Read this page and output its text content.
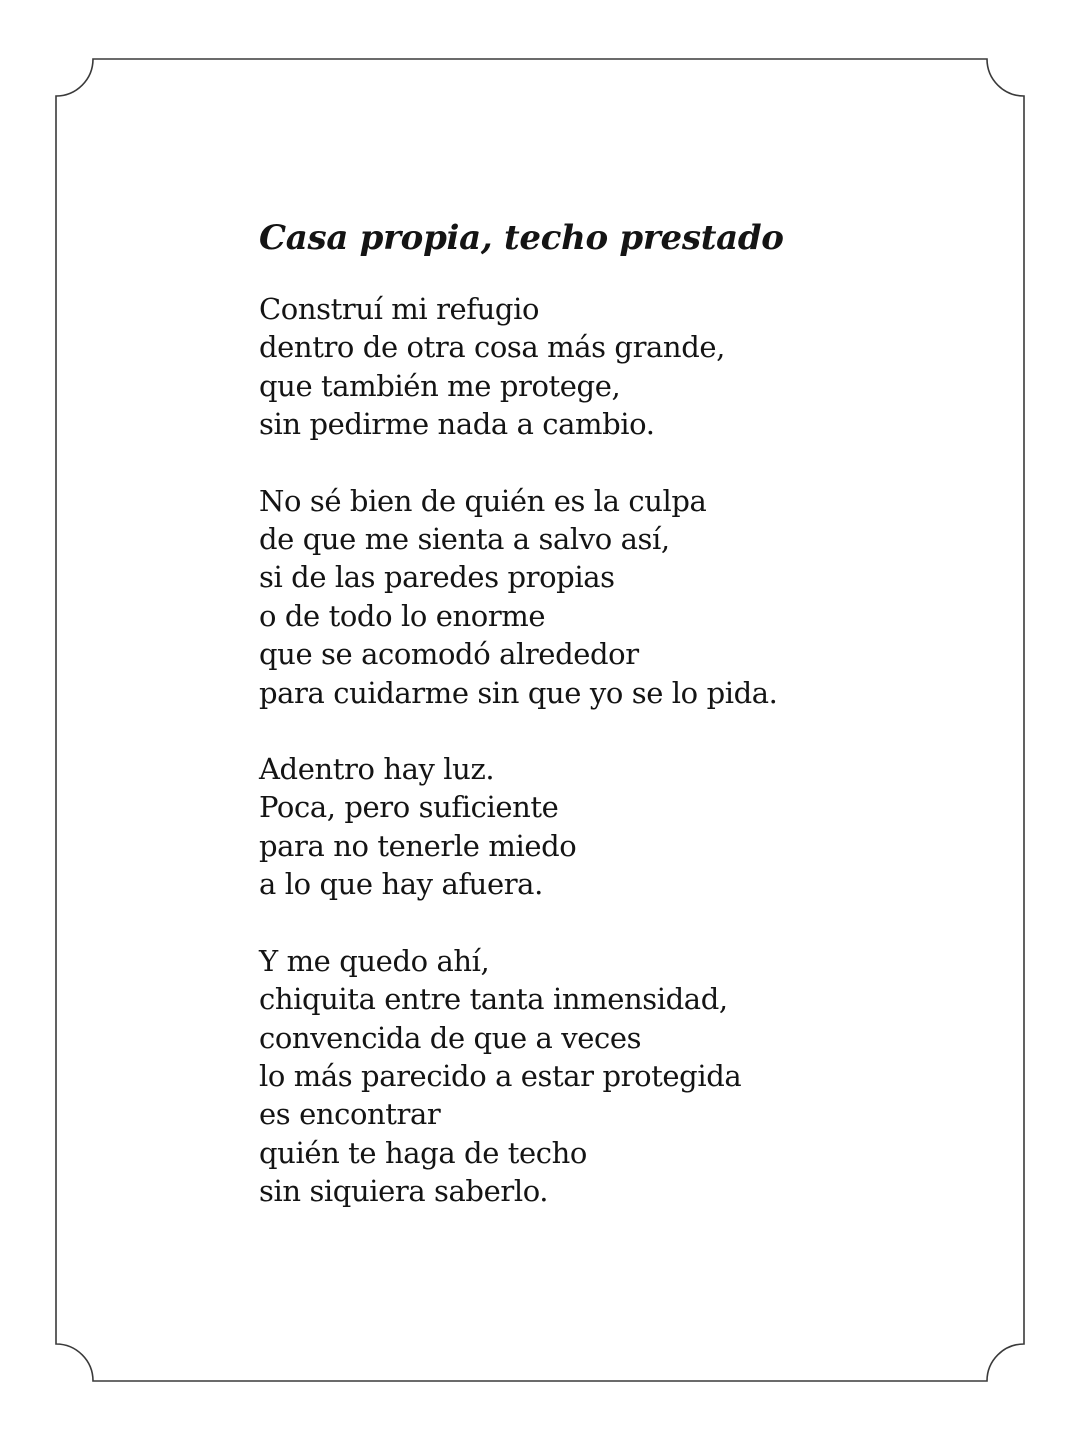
Casa propia, techo prestado
Construí mi refugio
dentro de otra cosa más grande,
que también me protege,
sin pedirme nada a cambio.
No sé bien de quién es la culpa
de que me sienta a salvo así,
si de las paredes propias
o de todo lo enorme
que se acomodó alrededor
para cuidarme sin que yo se lo pida.
Adentro hay luz.
Poca, pero suficiente
para no tenerle miedo
a lo que hay afuera.
Y me quedo ahí,
chiquita entre tanta inmensidad,
convencida de que a veces
lo más parecido a estar protegida
es encontrar
quién te haga de techo
sin siquiera saberlo.
